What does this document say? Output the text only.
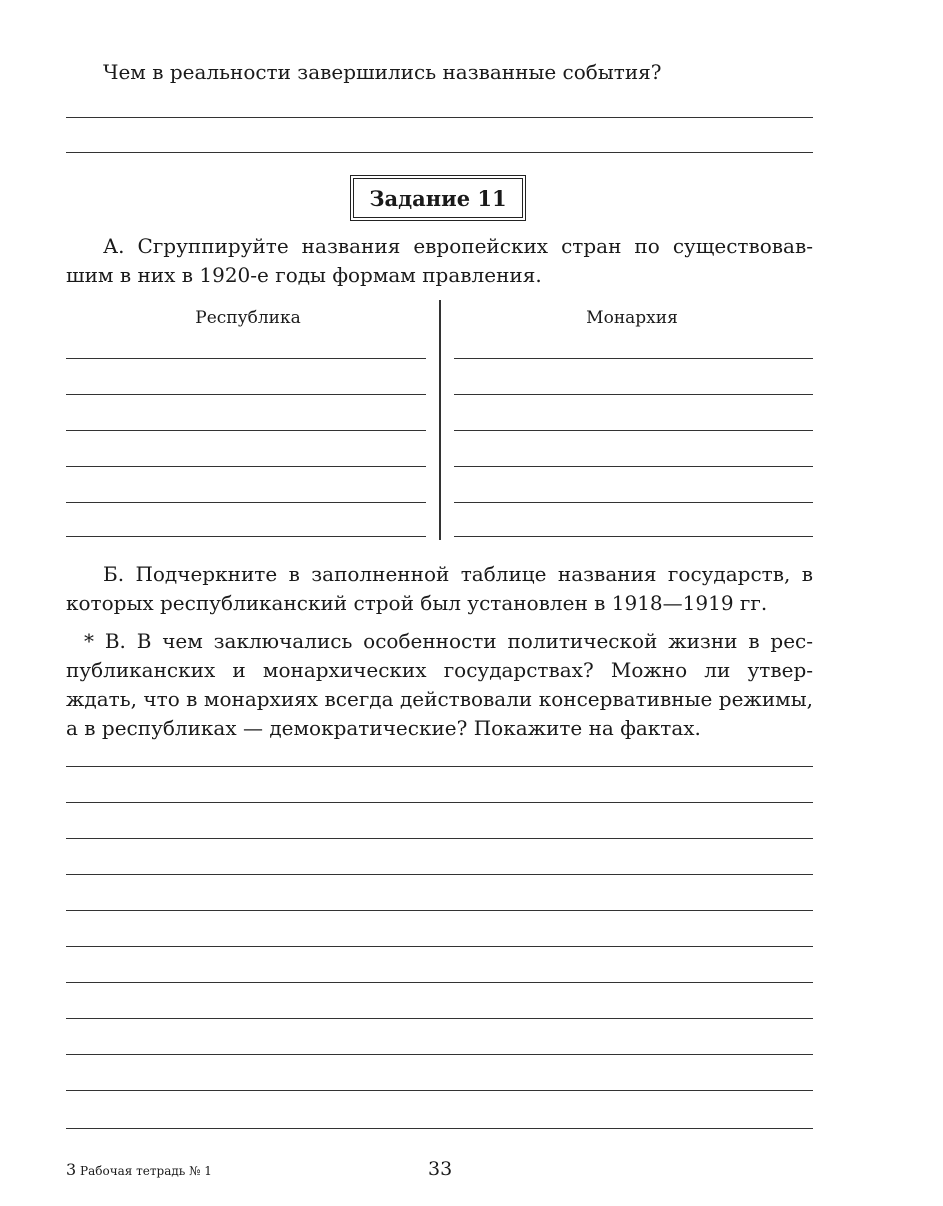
Чем в реальности завершились названные события?
Задание 11
А. Сгруппируйте названия европейских стран по существовав-
шим в них в 1920-е годы формам правления.
Республика	Монархия
Б. Подчеркните в заполненной таблице названия государств, в
которых республиканский строй был установлен в 1918—1919 гг.
* В. В чем заключались особенности политической жизни в рес-
публиканских и монархических государствах? Можно ли утвер-
ждать, что в монархиях всегда действовали консервативные режимы,
а в республиках — демократические? Покажите на фактах.
3 Рабочая тетрадь № 1	33
